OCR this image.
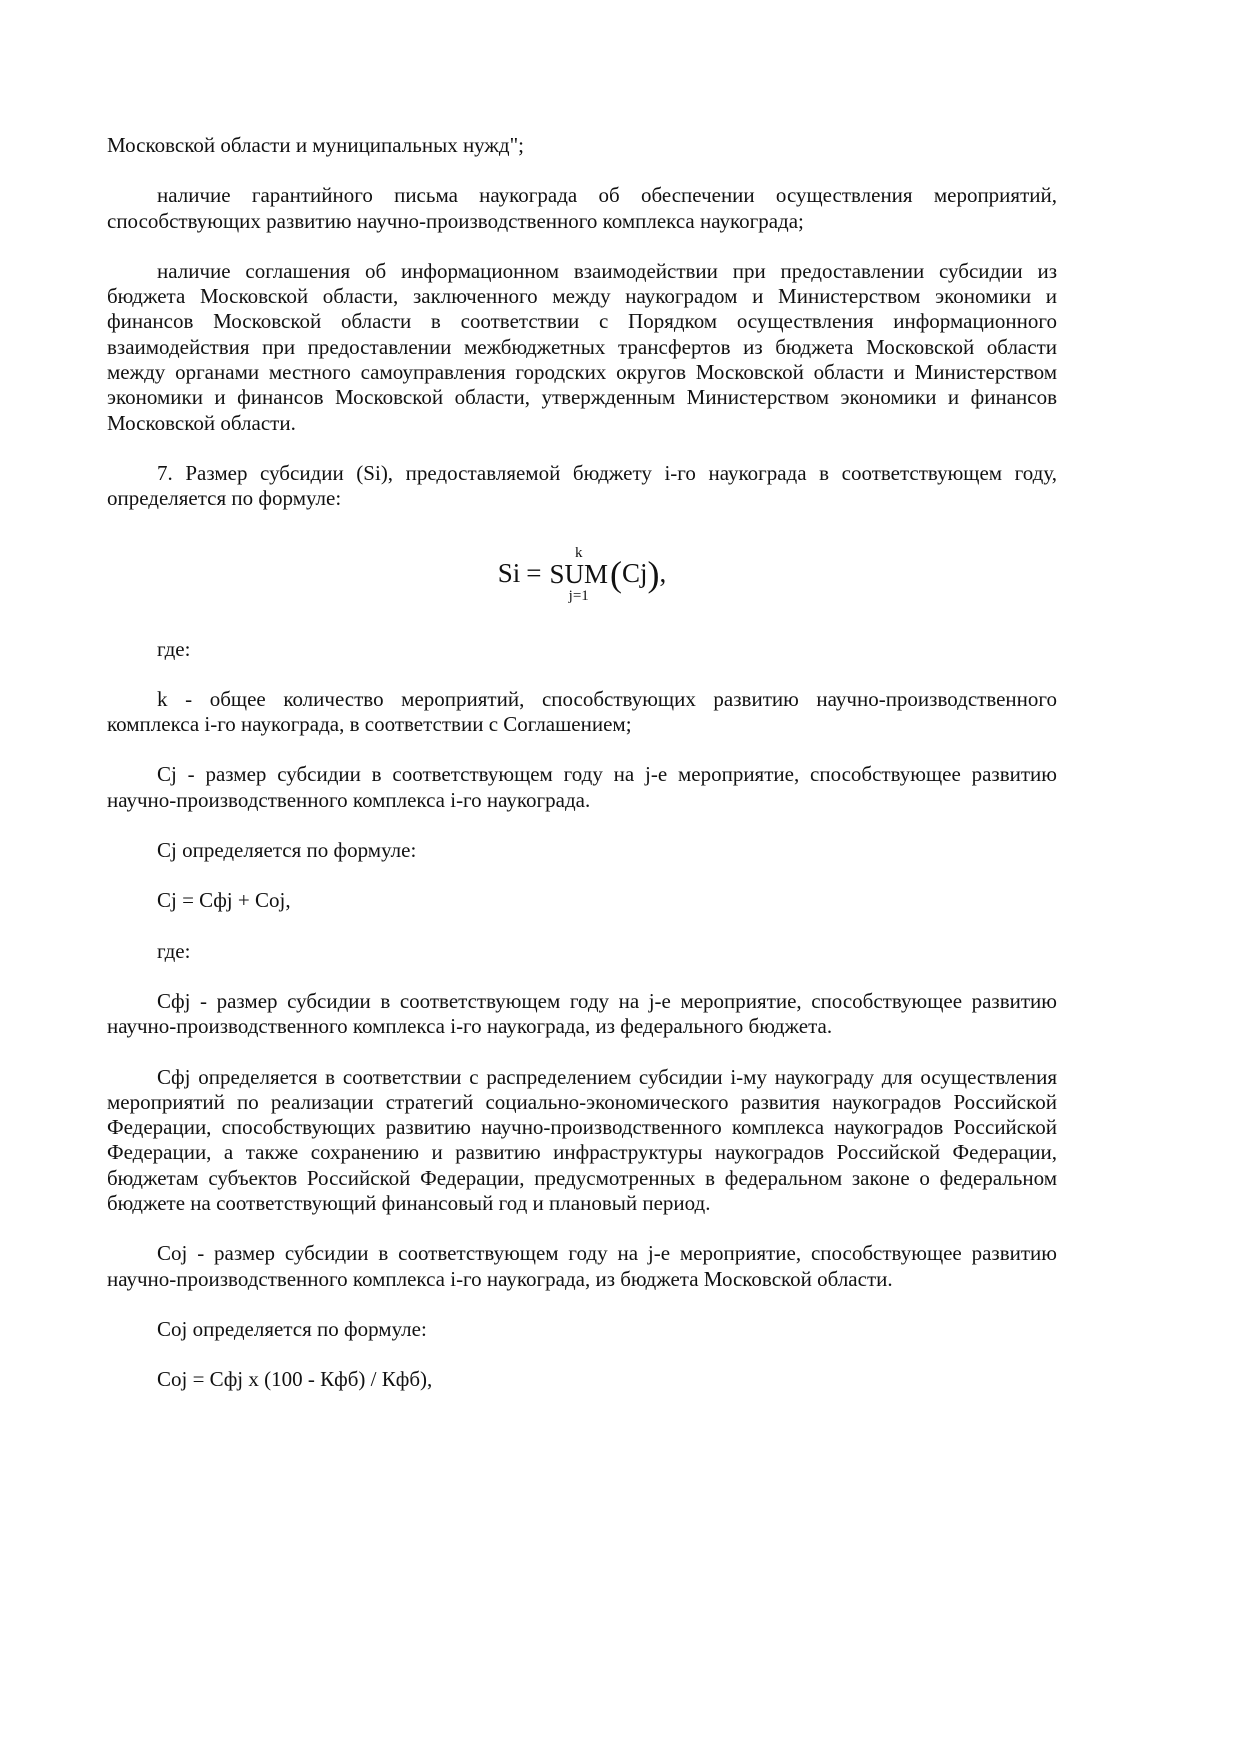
Московской области и муниципальных нужд";

наличие гарантийного письма наукограда об обеспечении осуществления мероприятий, способствующих развитию научно-производственного комплекса наукограда;

наличие соглашения об информационном взаимодействии при предоставлении субсидии из бюджета Московской области, заключенного между наукоградом и Министерством экономики и финансов Московской области в соответствии с Порядком осуществления информационного взаимодействия при предоставлении межбюджетных трансфертов из бюджета Московской области между органами местного самоуправления городских округов Московской области и Министерством экономики и финансов Московской области, утвержденным Министерством экономики и финансов Московской области.

7. Размер субсидии (Si), предоставляемой бюджету i-го наукограда в соответствующем году, определяется по формуле:

Si =
k
SUM
j=1
( Cj ) ,

где:

k - общее количество мероприятий, способствующих развитию научно-производственного комплекса i-го наукограда, в соответствии с Соглашением;

Cj - размер субсидии в соответствующем году на j-е мероприятие, способствующее развитию научно-производственного комплекса i-го наукограда.

Cj определяется по формуле:

Cj = Cфj + Coj,

где:

Cфj - размер субсидии в соответствующем году на j-е мероприятие, способствующее развитию научно-производственного комплекса i-го наукограда, из федерального бюджета.

Cфj определяется в соответствии с распределением субсидии i-му наукограду для осуществления мероприятий по реализации стратегий социально-экономического развития наукоградов Российской Федерации, способствующих развитию научно-производственного комплекса наукоградов Российской Федерации, а также сохранению и развитию инфраструктуры наукоградов Российской Федерации, бюджетам субъектов Российской Федерации, предусмотренных в федеральном законе о федеральном бюджете на соответствующий финансовый год и плановый период.

Coj - размер субсидии в соответствующем году на j-е мероприятие, способствующее развитию научно-производственного комплекса i-го наукограда, из бюджета Московской области.

Coj определяется по формуле:

Coj = Cфj x (100 - Кфб) / Кфб),
